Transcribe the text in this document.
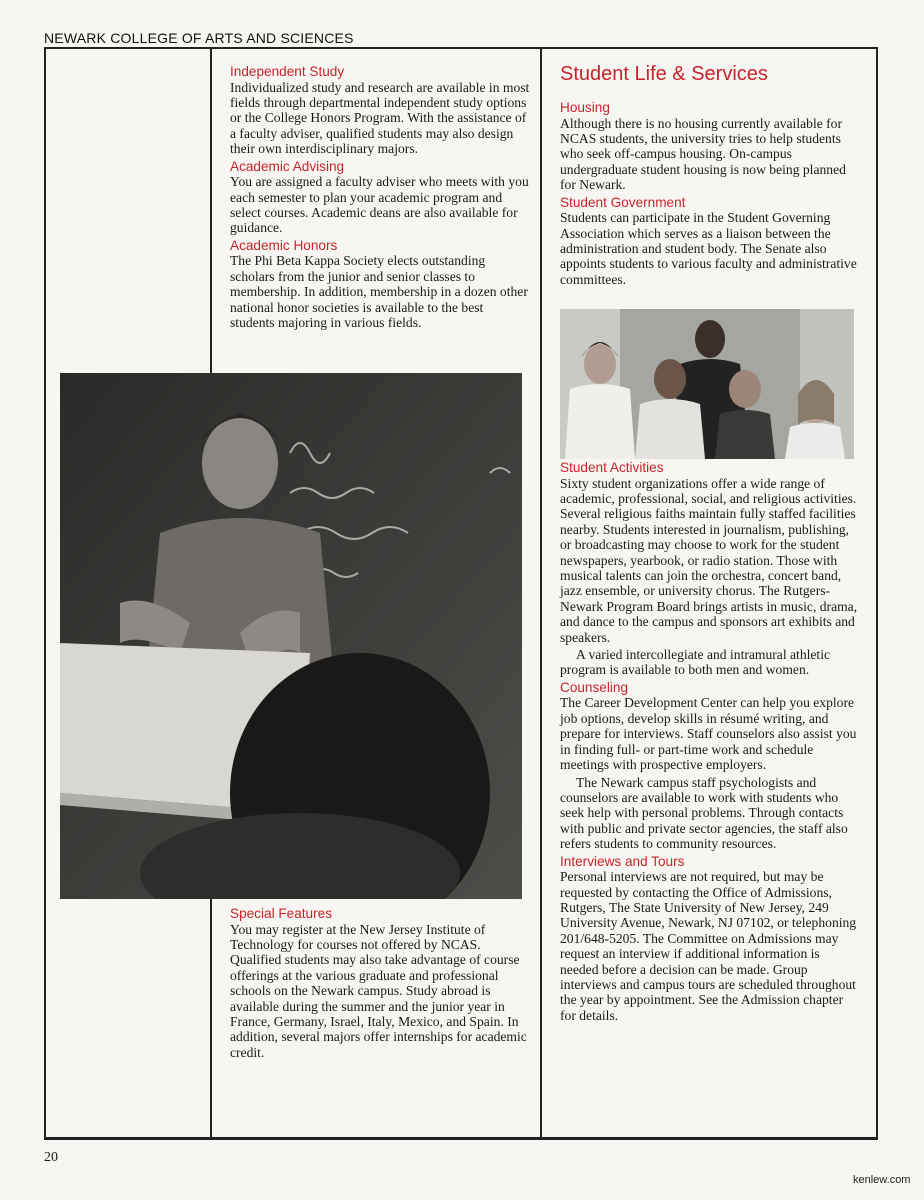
NEWARK COLLEGE OF ARTS AND SCIENCES
Independent Study

Individualized study and research are available in most fields through departmental independent study options or the College Honors Program. With the assistance of a faculty adviser, qualified students may also design their own interdisciplinary majors.

Academic Advising

You are assigned a faculty adviser who meets with you each semester to plan your academic program and select courses. Academic deans are also available for guidance.

Academic Honors

The Phi Beta Kappa Society elects outstanding scholars from the junior and senior classes to membership. In addition, membership in a dozen other national honor societies is available to the best students majoring in various fields.

Special Features

You may register at the New Jersey Institute of Technology for courses not offered by NCAS. Qualified students may also take advantage of course offerings at the various graduate and professional schools on the Newark campus. Study abroad is available during the summer and the junior year in France, Germany, Israel, Italy, Mexico, and Spain. In addition, several majors offer internships for academic credit.

Student Life & Services
Housing

Although there is no housing currently available for NCAS students, the university tries to help students who seek off-campus housing. On-campus undergraduate student housing is now being planned for Newark.

Student Government

Students can participate in the Student Governing Association which serves as a liaison between the administration and student body. The Senate also appoints students to various faculty and administrative committees.

Student Activities

Sixty student organizations offer a wide range of academic, professional, social, and religious activities. Several religious faiths maintain fully staffed facilities nearby. Students interested in journalism, publishing, or broadcasting may choose to work for the student newspapers, yearbook, or radio station. Those with musical talents can join the orchestra, concert band, jazz ensemble, or university chorus. The Rutgers-Newark Program Board brings artists in music, drama, and dance to the campus and sponsors art exhibits and speakers.

A varied intercollegiate and intramural athletic program is available to both men and women.

Counseling

The Career Development Center can help you explore job options, develop skills in résumé writing, and prepare for interviews. Staff counselors also assist you in finding full- or part-time work and schedule meetings with prospective employers.

The Newark campus staff psychologists and counselors are available to work with students who seek help with personal problems. Through contacts with public and private sector agencies, the staff also refers students to community resources.

Interviews and Tours

Personal interviews are not required, but may be requested by contacting the Office of Admissions, Rutgers, The State University of New Jersey, 249 University Avenue, Newark, NJ 07102, or telephoning 201/648-5205. The Committee on Admissions may request an interview if additional information is needed before a decision can be made. Group interviews and campus tours are scheduled throughout the year by appointment. See the Admission chapter for details.

20
kenlew.com
